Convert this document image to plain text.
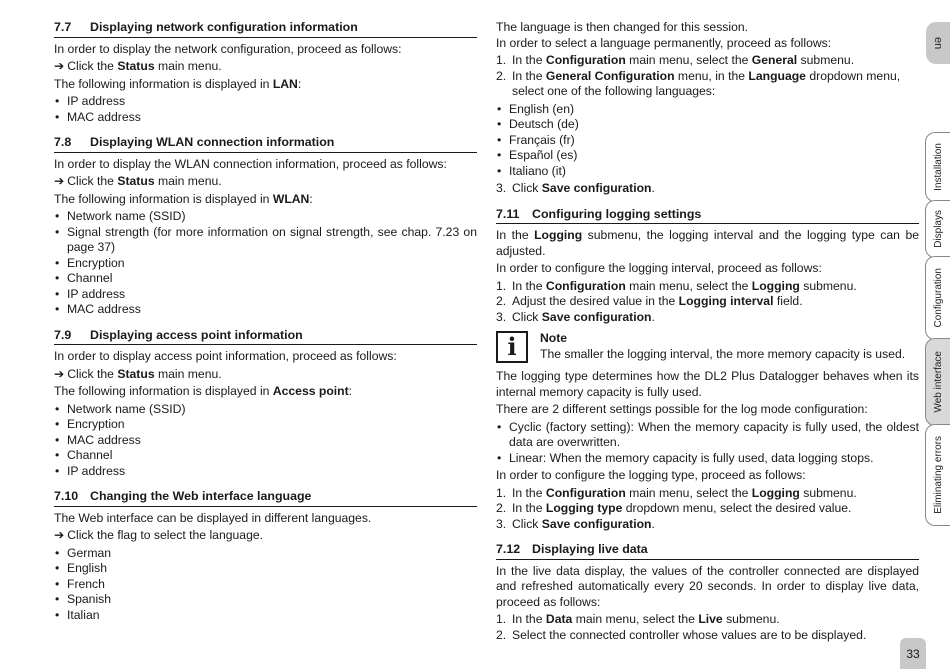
7.7	Displaying network configuration information
In order to display the network configuration, proceed as follows:
➔ Click the Status main menu.
The following information is displayed in LAN:
• IP address
• MAC address
7.8	Displaying WLAN connection information
In order to display the WLAN connection information, proceed as follows:
➔ Click the Status main menu.
The following information is displayed in WLAN:
• Network name (SSID)
• Signal strength (for more information on signal strength, see chap. 7.23 on page 37)
• Encryption
• Channel
• IP address
• MAC address
7.9	Displaying access point information
In order to display access point information, proceed as follows:
➔ Click the Status main menu.
The following information is displayed in Access point:
• Network name (SSID)
• Encryption
• MAC address
• Channel
• IP address
7.10 Changing the Web interface language
The Web interface can be displayed in different languages.
➔ Click the flag to select the language.
• German
• English
• French
• Spanish
• Italian
The language is then changed for this session.
In order to select a language permanently, proceed as follows:
1. In the Configuration main menu, select the General submenu.
2. In the General Configuration menu, in the Language dropdown menu, select one of the following languages:
• English (en)
• Deutsch (de)
• Français (fr)
• Español (es)
• Italiano (it)
3. Click Save configuration.
7.11	Configuring logging settings
In the Logging submenu, the logging interval and the logging type can be adjusted.
In order to configure the logging interval, proceed as follows:
1. In the Configuration main menu, select the Logging submenu.
2. Adjust the desired value in the Logging interval field.
3. Click Save configuration.
i	Note
The smaller the logging interval, the more memory capacity is used.
The logging type determines how the DL2 Plus Datalogger behaves when its internal memory capacity is fully used.
There are 2 different settings possible for the log mode configuration:
• Cyclic (factory setting): When the memory capacity is fully used, the oldest data are overwritten.
• Linear: When the memory capacity is fully used, data logging stops.
In order to configure the logging type, proceed as follows:
1. In the Configuration main menu, select the Logging submenu.
2. In the Logging type dropdown menu, select the desired value.
3. Click Save configuration.
7.12 Displaying live data
In the live data display, the values of the controller connected are displayed and refreshed automatically every 20 seconds. In order to display live data, proceed as follows:
1. In the Data main menu, select the Live submenu.
2. Select the connected controller whose values are to be displayed.
en
Installation
Displays
Configuration
Web interface
Eliminating errors
33
